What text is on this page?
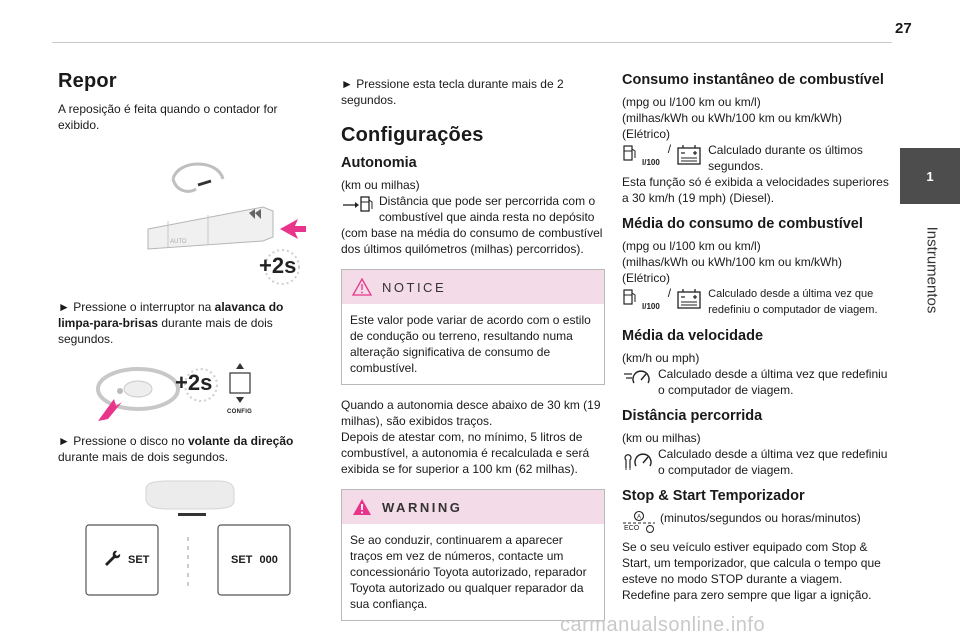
27
1
Instrumentos
Repor

A reposição é feita quando o contador for exibido.

AUTO
+2s

► Pressione o interruptor na alavanca do limpa-para-brisas durante mais de dois segundos.

+2s
CONFIG

► Pressione o disco no volante da direção durante mais de dois segundos.

SET	SET 000

► Pressione esta tecla durante mais de 2 segundos.

Configurações
Autonomia

(km ou milhas)

Distância que pode ser percorrida com o combustível que ainda resta no depósito

(com base na média do consumo de combustível dos últimos quilómetros (milhas) percorridos).

NOTICE

Este valor pode variar de acordo com o estilo de condução ou terreno, resultando numa alteração significativa de consumo de combustível.

Quando a autonomia desce abaixo de 30 km (19 milhas), são exibidos traços.

Depois de atestar com, no mínimo, 5 litros de combustível, a autonomia é recalculada e será exibida se for superior a 100 km (62 milhas).

WARNING

Se ao conduzir, continuarem a aparecer traços em vez de números, contacte um concessionário Toyota autorizado, reparador Toyota autorizado ou qualquer reparador da sua confiança.

Consumo instantâneo de combustível

(mpg ou l/100 km ou km/l)

(milhas/kWh ou kWh/100 km ou km/kWh)

(Elétrico)

l/100
/	Calculado durante os últimos segundos.

Esta função só é exibida a velocidades superiores a 30 km/h (19 mph) (Diesel).

Média do consumo de combustível

(mpg ou l/100 km ou km/l)

(milhas/kWh ou kWh/100 km ou km/kWh)

(Elétrico)

l/100
/	Calculado desde a última vez que redefiniu o computador de viagem.

Média da velocidade

(km/h ou mph)

Calculado desde a última vez que redefiniu o computador de viagem.

Distância percorrida

(km ou milhas)

Calculado desde a última vez que redefiniu o computador de viagem.

Stop & Start Temporizador
A
ECO

(minutos/segundos ou horas/minutos)

Se o seu veículo estiver equipado com Stop & Start, um temporizador, que calcula o tempo que esteve no modo STOP durante a viagem. Redefine para zero sempre que ligar a ignição.

carmanualsonline.info
